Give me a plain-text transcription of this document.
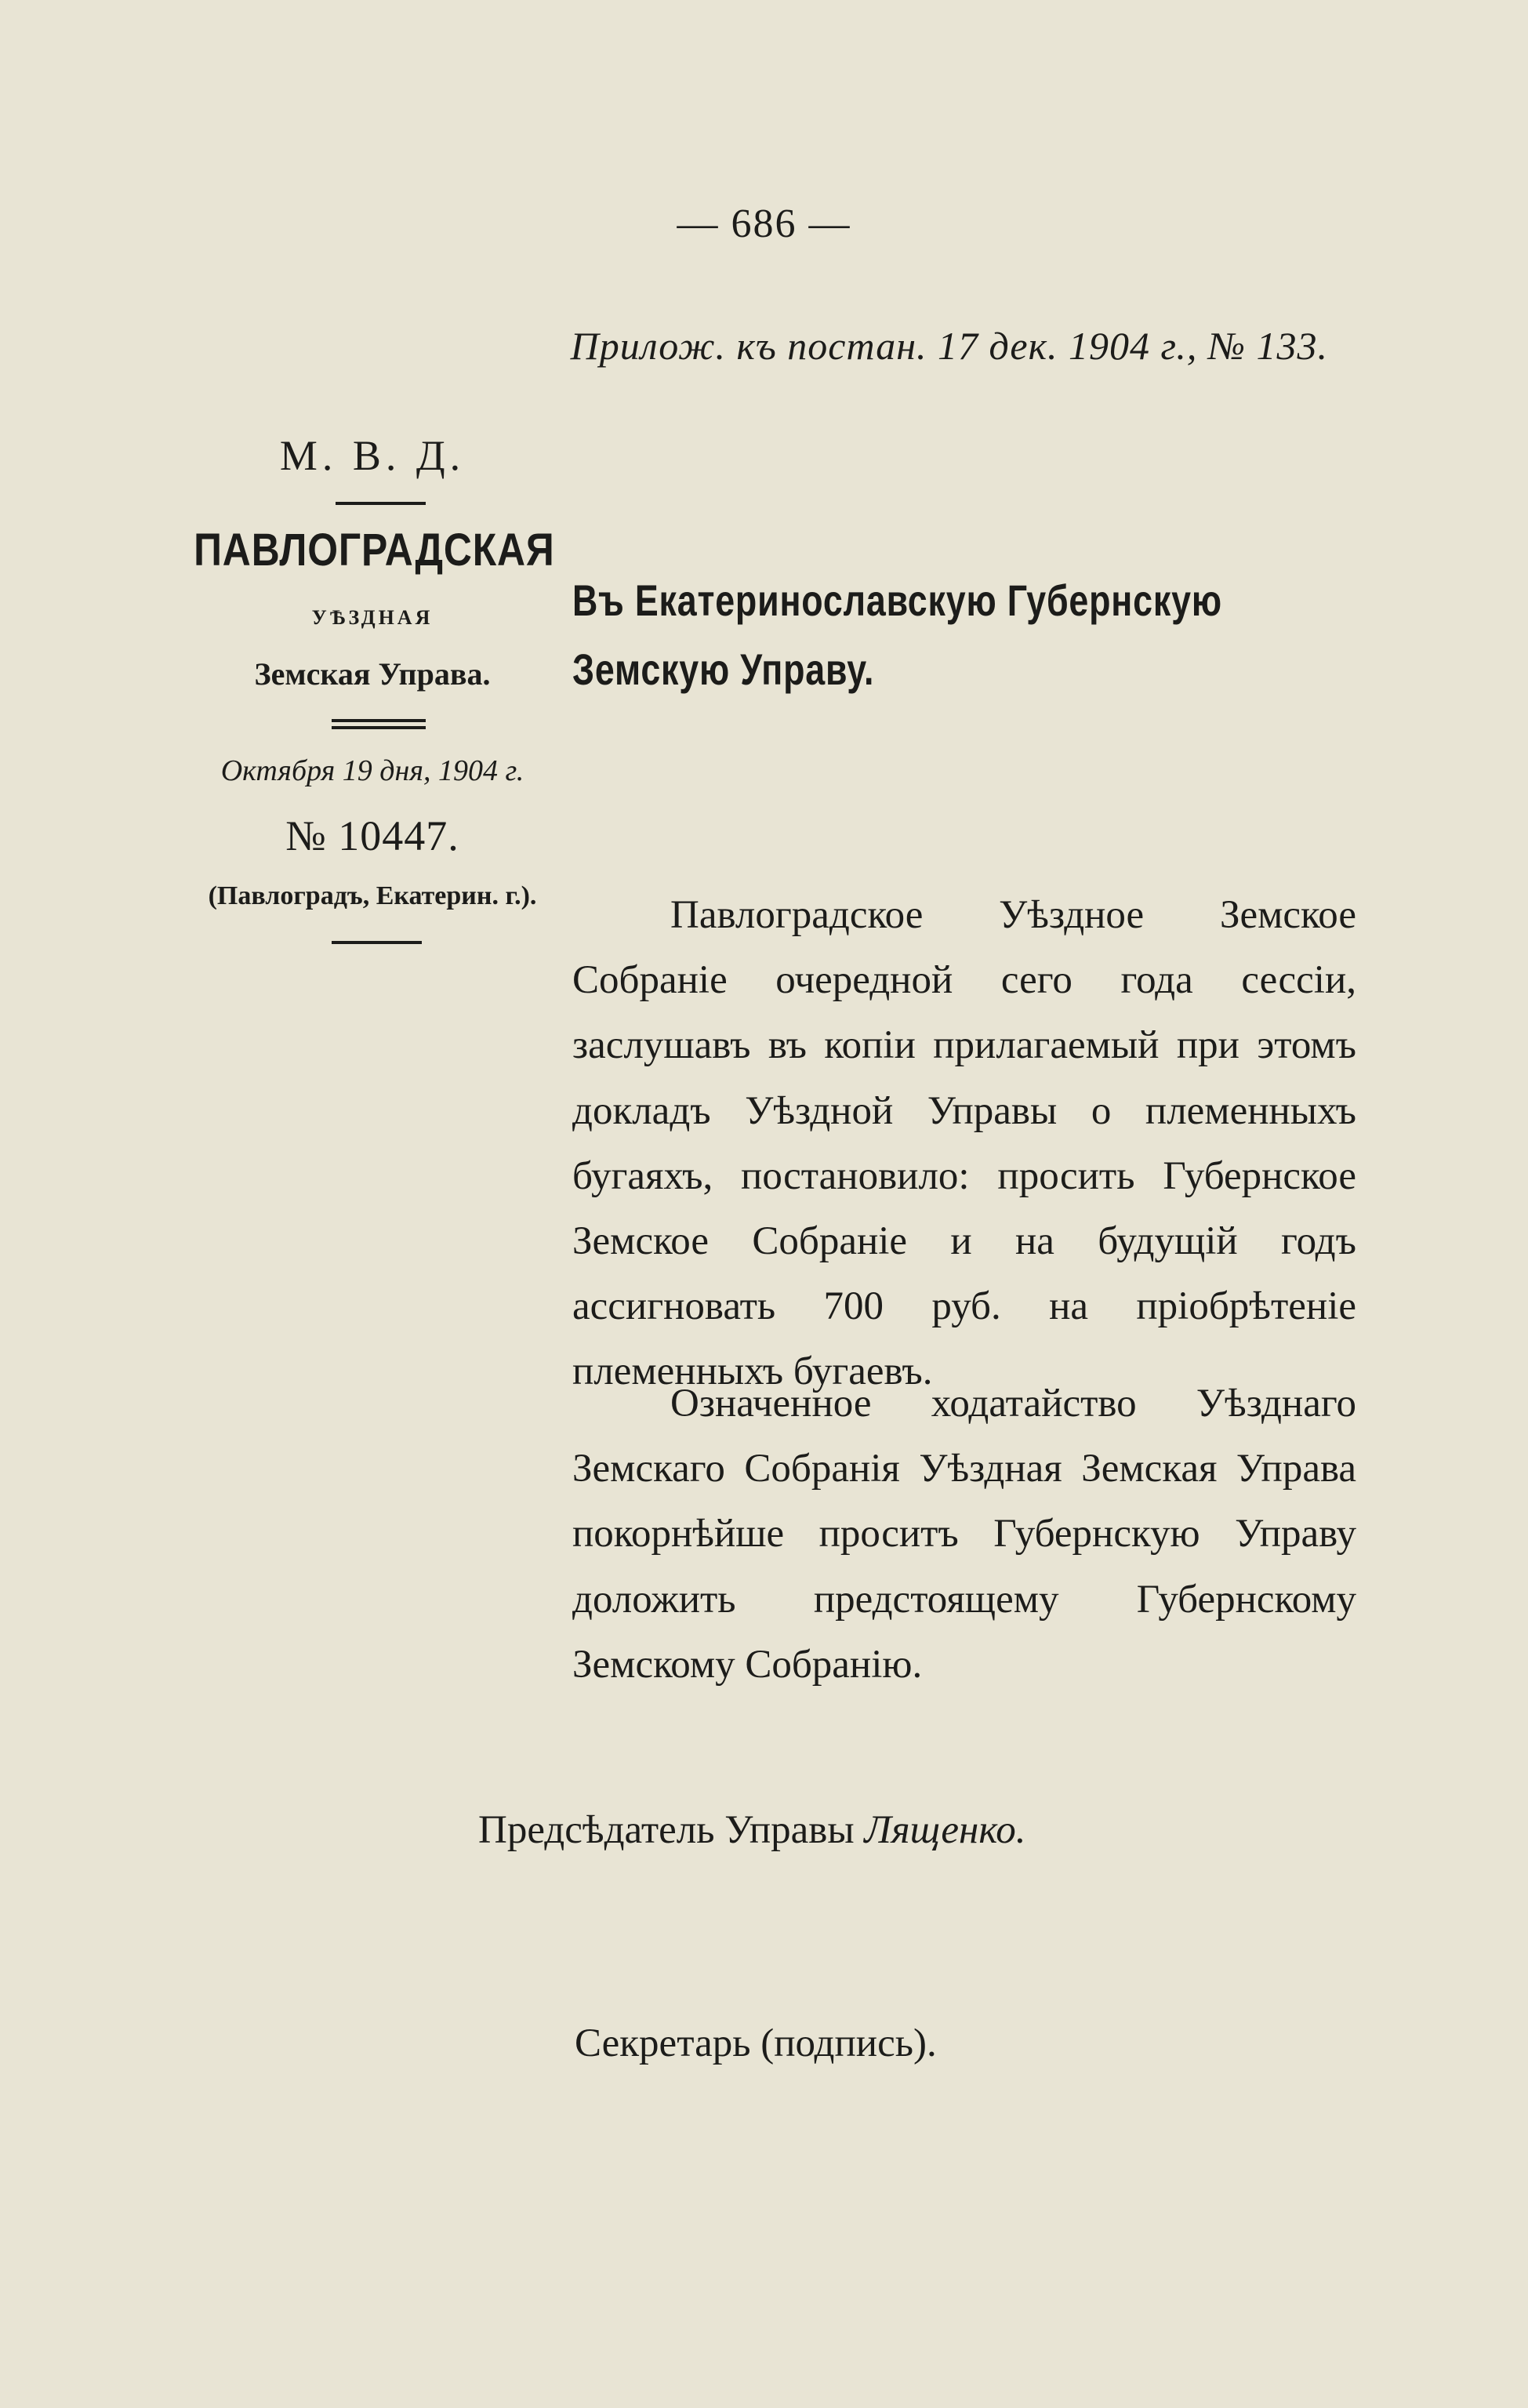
— 686 —
Прилож. къ постан. 17 дек. 1904 г., № 133.
М. В. Д.
ПАВЛОГРАДСКАЯ
УѢЗДНАЯ
Земская Управа.
Октября 19 дня, 1904 г.
№ 10447.
(Павлоградъ, Екатерин. г.).
Въ Екатеринославскую Губернскую
Земскую Управу.
Павлоградское Уѣздное Земское Собраніе очередной сего года сессіи, заслушавъ въ копіи прилагаемый при этомъ докладъ Уѣздной Управы о племенныхъ бугаяхъ, постановило: просить Губернское Земское Собраніе и на будущій годъ ассигновать 700 руб. на пріобрѣтеніе племенныхъ бугаевъ.
Означенное ходатайство Уѣзднаго Земскаго Собранія Уѣздная Земская Управа покорнѣйше проситъ Губернскую Управу доложить предстоящему Губернскому Земскому Собранію.
Предсѣдатель Управы Лященко.
Секретарь (подпись).
